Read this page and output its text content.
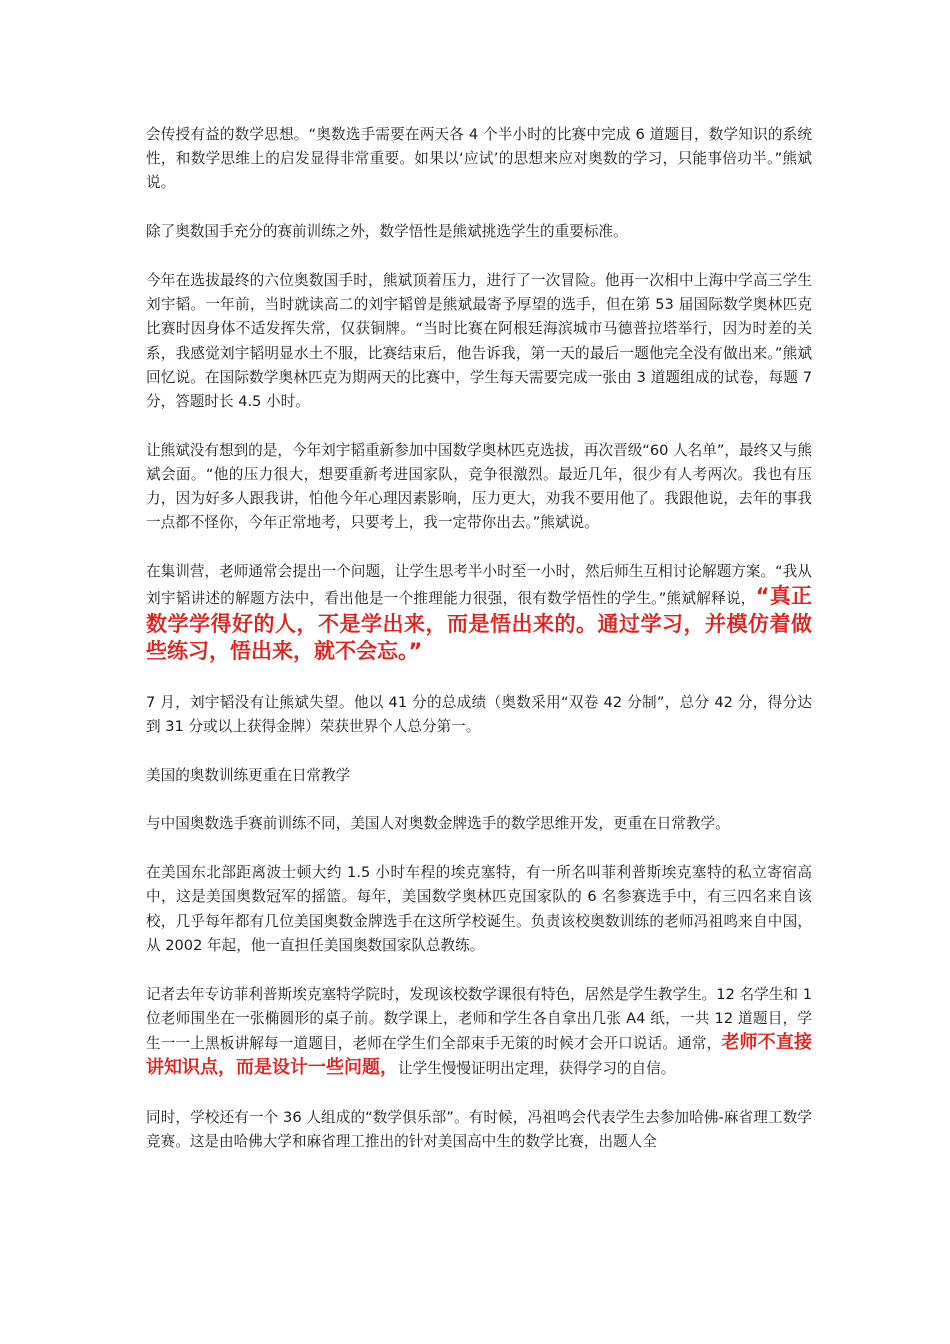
会传授有益的数学思想。“奥数选手需要在两天各 4 个半小时的比赛中完成 6 道题目，数学知识的系统性，和数学思维上的启发显得非常重要。如果以‘应试’的思想来应对奥数的学习，只能事倍功半。”熊斌说。

除了奥数国手充分的赛前训练之外，数学悟性是熊斌挑选学生的重要标准。

今年在选拔最终的六位奥数国手时，熊斌顶着压力，进行了一次冒险。他再一次相中上海中学高三学生刘宇韬。一年前，当时就读高二的刘宇韬曾是熊斌最寄予厚望的选手，但在第 53 届国际数学奥林匹克比赛时因身体不适发挥失常，仅获铜牌。“当时比赛在阿根廷海滨城市马德普拉塔举行，因为时差的关系，我感觉刘宇韬明显水土不服，比赛结束后，他告诉我，第一天的最后一题他完全没有做出来。”熊斌回忆说。在国际数学奥林匹克为期两天的比赛中，学生每天需要完成一张由 3 道题组成的试卷，每题 7 分，答题时长 4.5 小时。

让熊斌没有想到的是，今年刘宇韬重新参加中国数学奥林匹克选拔，再次晋级“60 人名单”，最终又与熊斌会面。“他的压力很大，想要重新考进国家队，竞争很激烈。最近几年，很少有人考两次。我也有压力，因为好多人跟我讲，怕他今年心理因素影响，压力更大，劝我不要用他了。我跟他说，去年的事我一点都不怪你，今年正常地考，只要考上，我一定带你出去。”熊斌说。

在集训营，老师通常会提出一个问题，让学生思考半小时至一小时，然后师生互相讨论解题方案。“我从刘宇韬讲述的解题方法中，看出他是一个推理能力很强，很有数学悟性的学生。”熊斌解释说，“真正数学学得好的人，不是学出来，而是悟出来的。通过学习，并模仿着做些练习，悟出来，就不会忘。”

7 月，刘宇韬没有让熊斌失望。他以 41 分的总成绩（奥数采用“双卷 42 分制”，总分 42 分，得分达到 31 分或以上获得金牌）荣获世界个人总分第一。

美国的奥数训练更重在日常教学

与中国奥数选手赛前训练不同，美国人对奥数金牌选手的数学思维开发，更重在日常教学。

在美国东北部距离波士顿大约 1.5 小时车程的埃克塞特，有一所名叫菲利普斯埃克塞特的私立寄宿高中，这是美国奥数冠军的摇篮。每年，美国数学奥林匹克国家队的 6 名参赛选手中，有三四名来自该校，几乎每年都有几位美国奥数金牌选手在这所学校诞生。负责该校奥数训练的老师冯祖鸣来自中国，从 2002 年起，他一直担任美国奥数国家队总教练。

记者去年专访菲利普斯埃克塞特学院时，发现该校数学课很有特色，居然是学生教学生。12 名学生和 1 位老师围坐在一张椭圆形的桌子前。数学课上，老师和学生各自拿出几张 A4 纸，一共 12 道题目，学生一一上黑板讲解每一道题目，老师在学生们全部束手无策的时候才会开口说话。通常，老师不直接讲知识点，而是设计一些问题，让学生慢慢证明出定理，获得学习的自信。

同时，学校还有一个 36 人组成的“数学俱乐部”。有时候，冯祖鸣会代表学生去参加哈佛-麻省理工数学竞赛。这是由哈佛大学和麻省理工推出的针对美国高中生的数学比赛，出题人全
